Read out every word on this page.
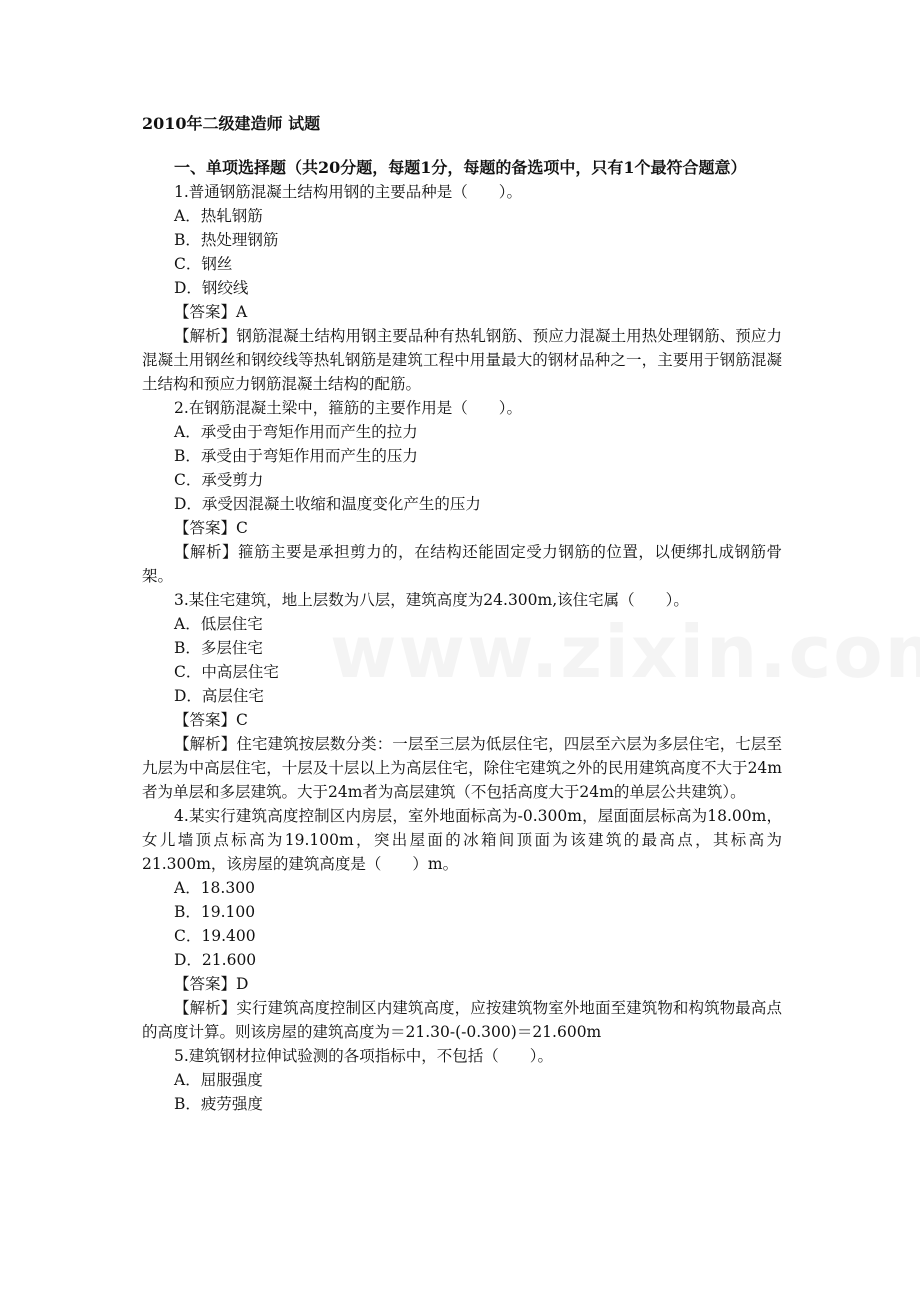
2010年二级建造师 试题
一、单项选择题（共20分题，每题1分，每题的备选项中，只有1个最符合题意）

1.普通钢筋混凝土结构用钢的主要品种是（　　）。

A．热轧钢筋

B．热处理钢筋

C．钢丝

D．钢绞线

【答案】A

【解析】钢筋混凝土结构用钢主要品种有热轧钢筋、预应力混凝土用热处理钢筋、预应力混凝土用钢丝和钢绞线等热轧钢筋是建筑工程中用量最大的钢材品种之一，主要用于钢筋混凝土结构和预应力钢筋混凝土结构的配筋。

2.在钢筋混凝土梁中，箍筋的主要作用是（　　）。

A．承受由于弯矩作用而产生的拉力

B．承受由于弯矩作用而产生的压力

C．承受剪力

D．承受因混凝土收缩和温度变化产生的压力

【答案】C

【解析】箍筋主要是承担剪力的，在结构还能固定受力钢筋的位置，以便绑扎成钢筋骨架。

3.某住宅建筑，地上层数为八层，建筑高度为24.300m,该住宅属（　　）。

A．低层住宅

B．多层住宅

C．中高层住宅

D．高层住宅

【答案】C

【解析】住宅建筑按层数分类：一层至三层为低层住宅，四层至六层为多层住宅，七层至九层为中高层住宅，十层及十层以上为高层住宅，除住宅建筑之外的民用建筑高度不大于24m者为单层和多层建筑。大于24m者为高层建筑（不包括高度大于24m的单层公共建筑）。

4.某实行建筑高度控制区内房层，室外地面标高为-0.300m，屋面面层标高为18.00m，女儿墙顶点标高为19.100m，突出屋面的冰箱间顶面为该建筑的最高点，其标高为21.300m，该房屋的建筑高度是（　　）m。

A．18.300

B．19.100

C．19.400

D．21.600

【答案】D

【解析】实行建筑高度控制区内建筑高度，应按建筑物室外地面至建筑物和构筑物最高点的高度计算。则该房屋的建筑高度为＝21.30-(-0.300)＝21.600m

5.建筑钢材拉伸试验测的各项指标中，不包括（　　）。

A．屈服强度

B．疲劳强度
